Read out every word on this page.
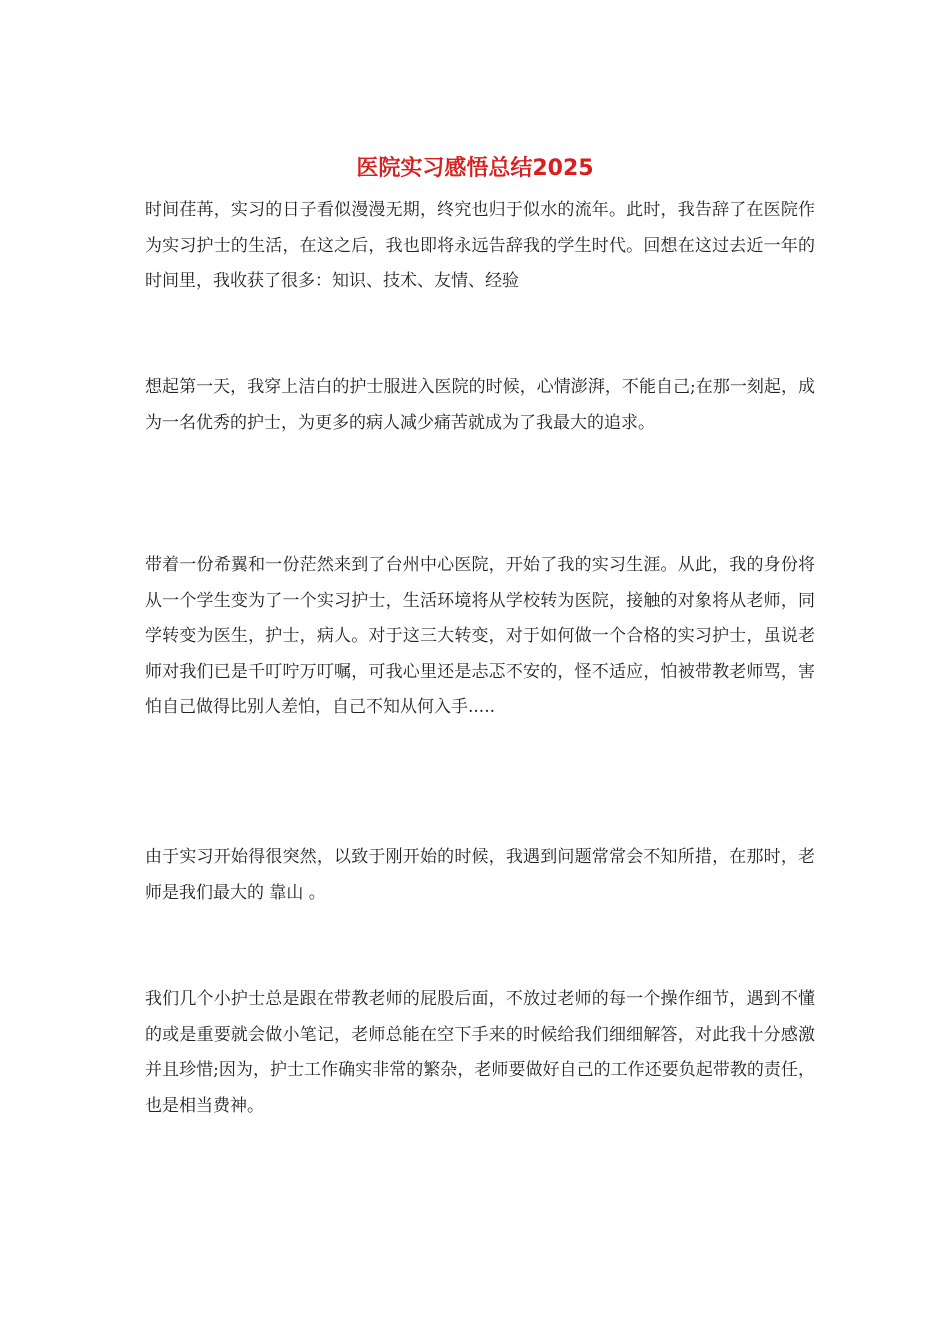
医院实习感悟总结2025

时间荏苒，实习的日子看似漫漫无期，终究也归于似水的流年。此时，我告辞了在医院作为实习护士的生活，在这之后，我也即将永远告辞我的学生时代。回想在这过去近一年的时间里，我收获了很多：知识、技术、友情、经验

想起第一天，我穿上洁白的护士服进入医院的时候，心情澎湃，不能自己;在那一刻起，成为一名优秀的护士，为更多的病人减少痛苦就成为了我最大的追求。

带着一份希翼和一份茫然来到了台州中心医院，开始了我的实习生涯。从此，我的身份将从一个学生变为了一个实习护士，生活环境将从学校转为医院，接触的对象将从老师，同学转变为医生，护士，病人。对于这三大转变，对于如何做一个合格的实习护士，虽说老师对我们已是千叮咛万叮嘱，可我心里还是忐忑不安的，怪不适应，怕被带教老师骂，害怕自己做得比别人差怕，自己不知从何入手.....

由于实习开始得很突然，以致于刚开始的时候，我遇到问题常常会不知所措，在那时，老师是我们最大的 靠山 。

我们几个小护士总是跟在带教老师的屁股后面，不放过老师的每一个操作细节，遇到不懂的或是重要就会做小笔记，老师总能在空下手来的时候给我们细细解答，对此我十分感激并且珍惜;因为，护士工作确实非常的繁杂，老师要做好自己的工作还要负起带教的责任，也是相当费神。
